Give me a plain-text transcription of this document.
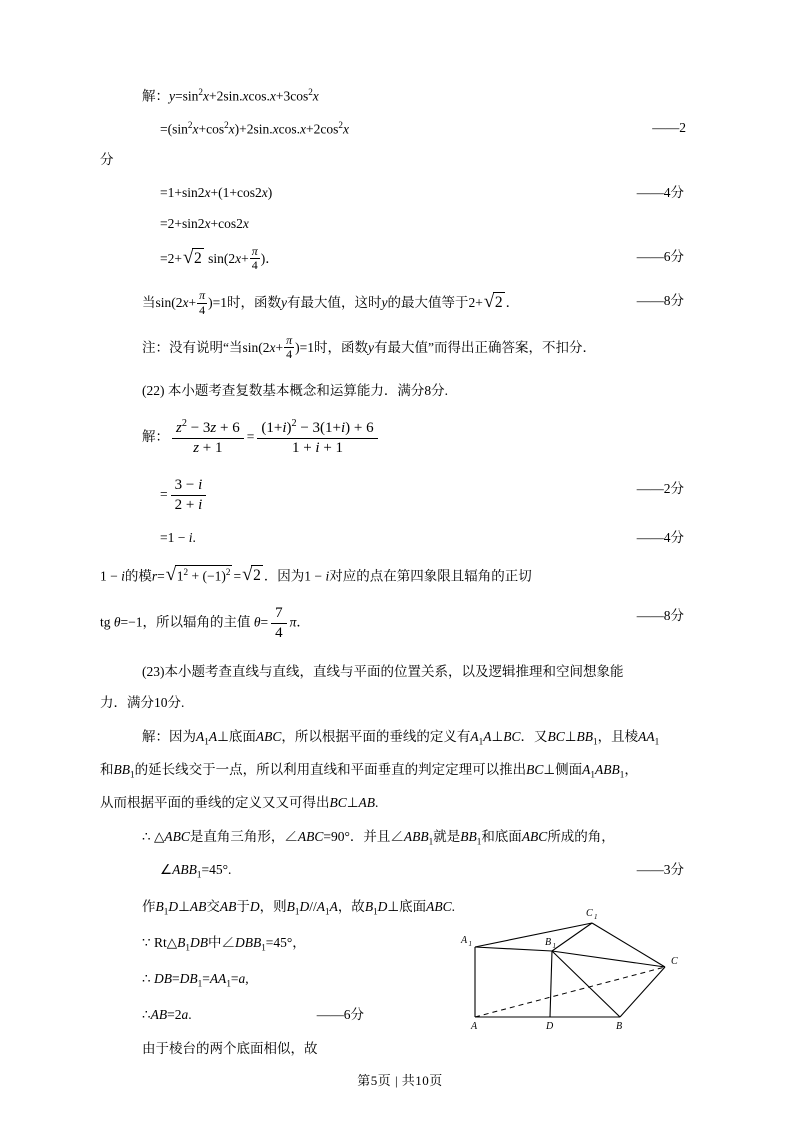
解：$y=\sin^2x+2\sin.xcos.x+3\cos^2x$
$=(\sin^2x+\cos^2x)+2\sin.xcos.x+2\cos^2x$	——2
分
=1+sin2x+(1+cos2x)	——4分
=2+sin2x+cos2x
=2+ √ 2 $\sin(2x+ \frac{\pi}{4}$ )．	——6分
当$\sin(2x+ \frac{\pi}{4} )=1$时，函数y有最大值，这时y的最大值等于2+ √ 2 ．	——8分
注：没有说明“当$\sin(2x+ \frac{\pi}{4} )=1$时，函数y有最大值”而得出正确答案，不扣分．
(22) 本小题考查复数基本概念和运算能力．满分8分.
解： $\frac{z^2 - 3z + 6}{z + 1} = \frac{(1+i)^2 - 3(1+i) + 6}{1 + i + 1}$
= $\frac{3 - i}{2 + i}$	——2分
=1 − i.	——4分
1 − i的模r= √ $1^2 + (-1)^2$ = √ 2 ．因为1 − i对应的点在第四象限且辐角的正切
tg θ=−1，所以辐角的主值 $\theta= \frac{7}{4}$ π．	——8分
(23)本小题考查直线与直线，直线与平面的位置关系，以及逻辑推理和空间想象能
力．满分10分.
解：因为$A_1A\perp$底面ABC，所以根据平面的垂线的定义有$A_1A\perp BC$．又$BC\perp BB_1$，且棱$AA_1$
和$BB_1$的延长线交于一点，所以利用直线和平面垂直的判定定理可以推出BC⊥侧面$A_1ABB_1$，
从而根据平面的垂线的定义又又可得出BC⊥AB.
∴ △ABC是直角三角形，∠ABC=90°．并且$\angle ABB_1$就是$BB_1$和底面ABC所成的角，
$\angle ABB_1=45^\circ$.	——3分
作$B_1D\perp AB$交AB于D，则$B_1D//A_1A$，故$B_1D\perp$底面ABC.
∵ $Rt\triangle B_1DB$中$\angle DBB_1=45^\circ$，
∴ $DB=DB_1=AA_1=a$,
∴AB=2a.	——6分
由于棱台的两个底面相似，故
A 1	B 1
C 1
A	D	B
C
第5页 | 共10页
